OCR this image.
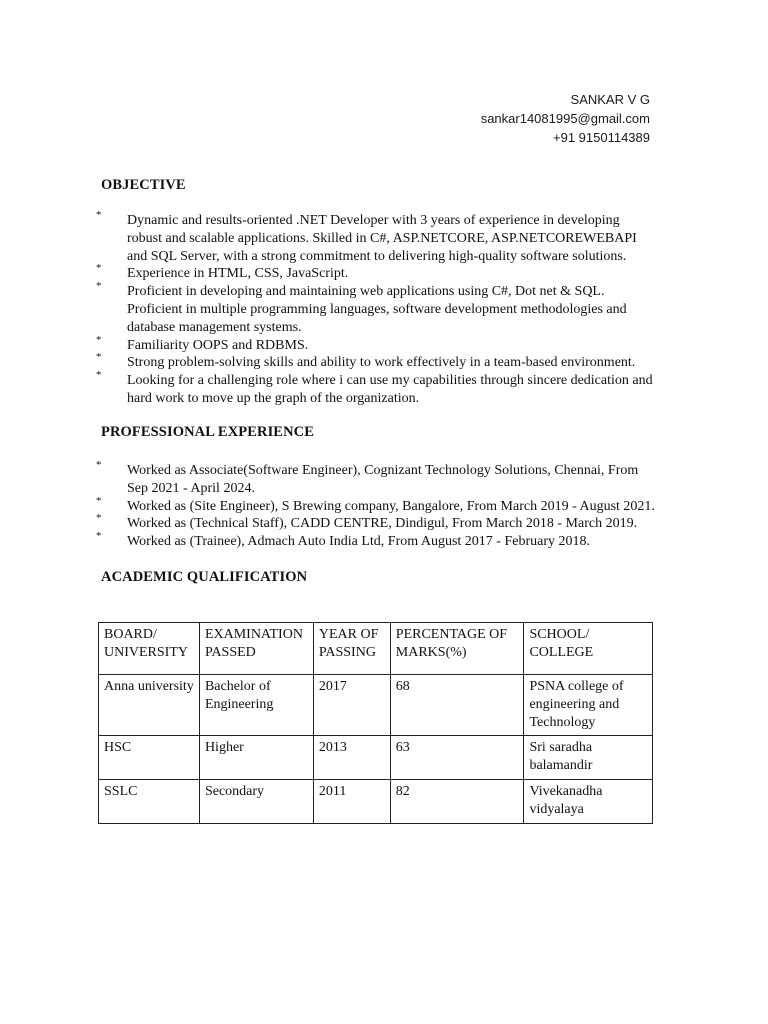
SANKAR V G
sankar14081995@gmail.com
+91 9150114389
OBJECTIVE
* Dynamic and results-oriented .NET Developer with 3 years of experience in developing robust and scalable applications. Skilled in C#, ASP.NETCORE, ASP.NETCOREWEBAPI and SQL Server, with a strong commitment to delivering high-quality software solutions.
* Experience in HTML, CSS, JavaScript.
* Proficient in developing and maintaining web applications using C#, Dot net & SQL. Proficient in multiple programming languages, software development methodologies and database management systems.
* Familiarity OOPS and RDBMS.
* Strong problem-solving skills and ability to work effectively in a team-based environment.
* Looking for a challenging role where i can use my capabilities through sincere dedication and hard work to move up the graph of the organization.
PROFESSIONAL EXPERIENCE
* Worked as Associate(Software Engineer), Cognizant Technology Solutions, Chennai, From Sep 2021 - April 2024.
* Worked as (Site Engineer), S Brewing company, Bangalore, From March 2019 - August 2021.
* Worked as (Technical Staff), CADD CENTRE, Dindigul, From March 2018 - March 2019.
* Worked as (Trainee), Admach Auto India Ltd, From August 2017 - February 2018.
ACADEMIC QUALIFICATION
BOARD/ UNIVERSITY	EXAMINATION PASSED	YEAR OF PASSING	PERCENTAGE OF MARKS(%)	SCHOOL/ COLLEGE
Anna university	Bachelor of Engineering	2017	68	PSNA college of engineering and Technology
HSC	Higher	2013	63	Sri saradha balamandir
SSLC	Secondary	2011	82	Vivekanadha vidyalaya
